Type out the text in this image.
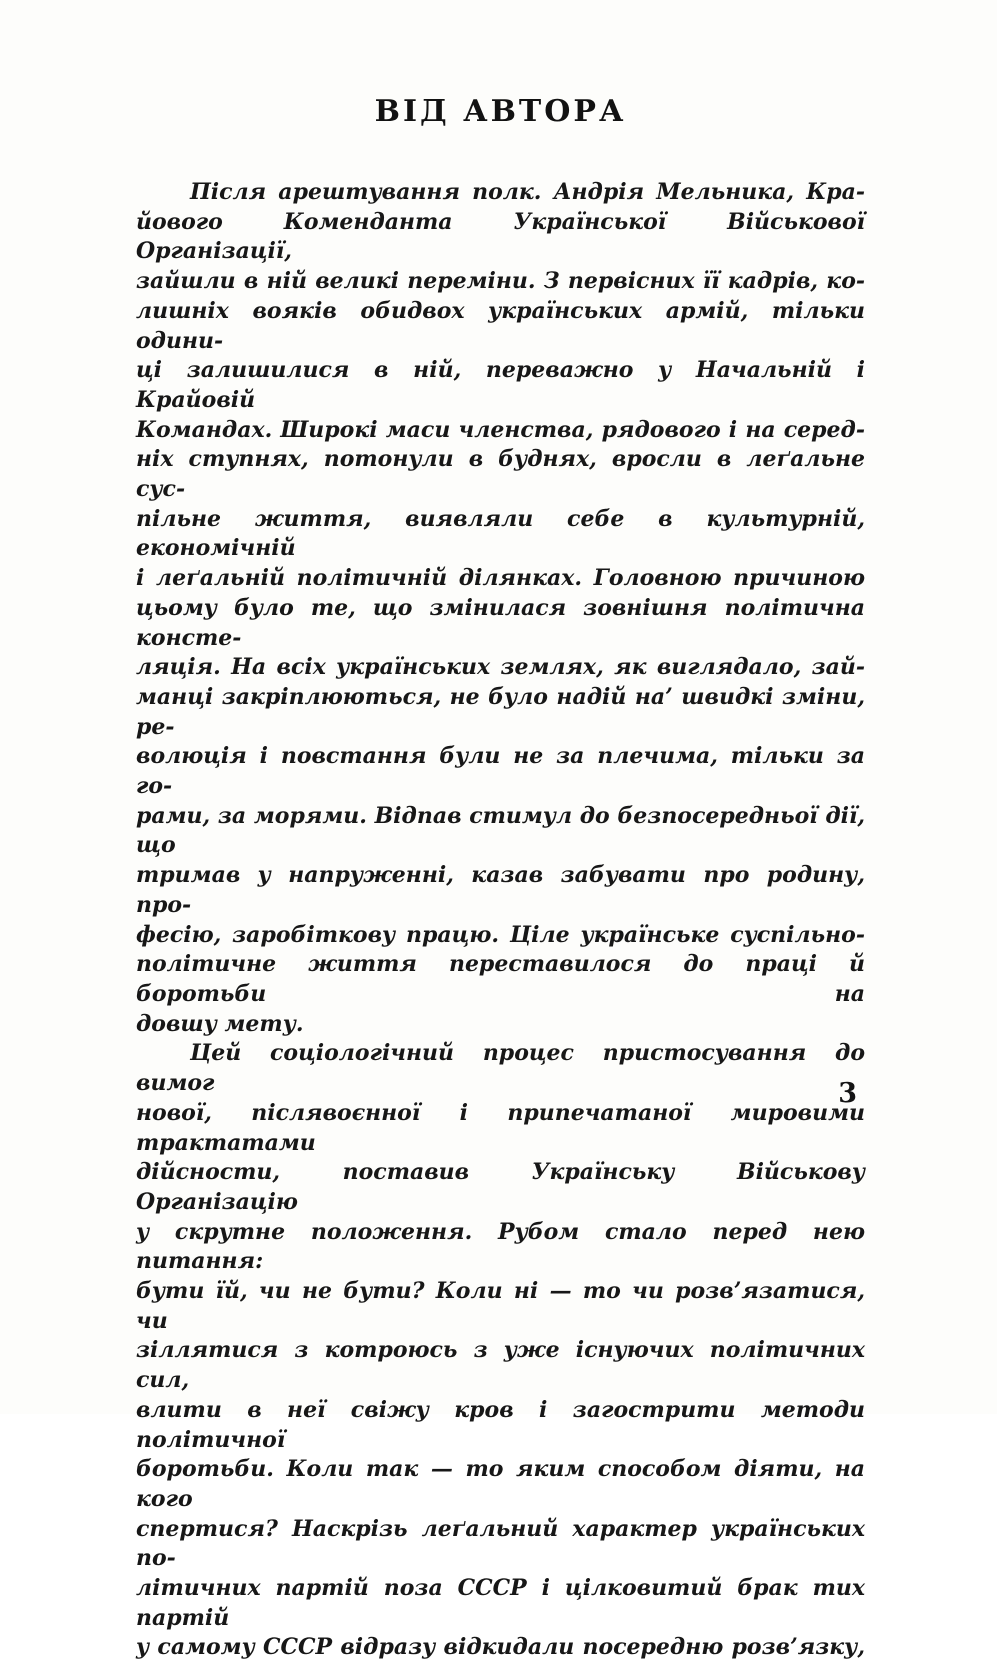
ВІД АВТОРА
Після арештування полк. Андрія Мельника, Кра-
йового Коменданта Української Військової Організації,
зайшли в ній великі переміни. З первісних її кадрів, ко-
лишніх вояків обидвох українських армій, тільки одини-
ці залишилися в ній, переважно у Начальній і Крайовій
Командах. Широкі маси членства, рядового і на серед-
ніх ступнях, потонули в буднях, вросли в леґальне сус-
пільне життя, виявляли себе в культурній, економічній
і леґальній політичній ділянках. Головною причиною
цьому було те, що змінилася зовнішня політична консте-
ляція. На всіх українських землях, як виглядало, зай-
манці закріплюються, не було надій на’ швидкі зміни, ре-
волюція і повстання були не за плечима, тільки за го-
рами, за морями. Відпав стимул до безпосередньої дії, що
тримав у напруженні, казав забувати про родину, про-
фесію, заробіткову працю. Ціле українське суспільно-
політичне життя переставилося до праці й боротьби на
довшу мету.
Цей соціологічний процес пристосування до вимог
нової, післявоєнної і припечатаної мировими трактатами
дійсности, поставив Українську Військову Організацію
у скрутне положення. Рубом стало перед нею питання:
бути їй, чи не бути? Коли ні — то чи розв’язатися, чи
зіллятися з котроюсь з уже існуючих політичних сил,
влити в неї свіжу кров і загострити методи політичної
боротьби. Коли так — то яким способом діяти, на кого
спертися? Наскрізь леґальний характер українських по-
літичних партій поза СССР і цілковитий брак тих партій
у самому СССР відразу відкидали посередню розв’язку,
3
